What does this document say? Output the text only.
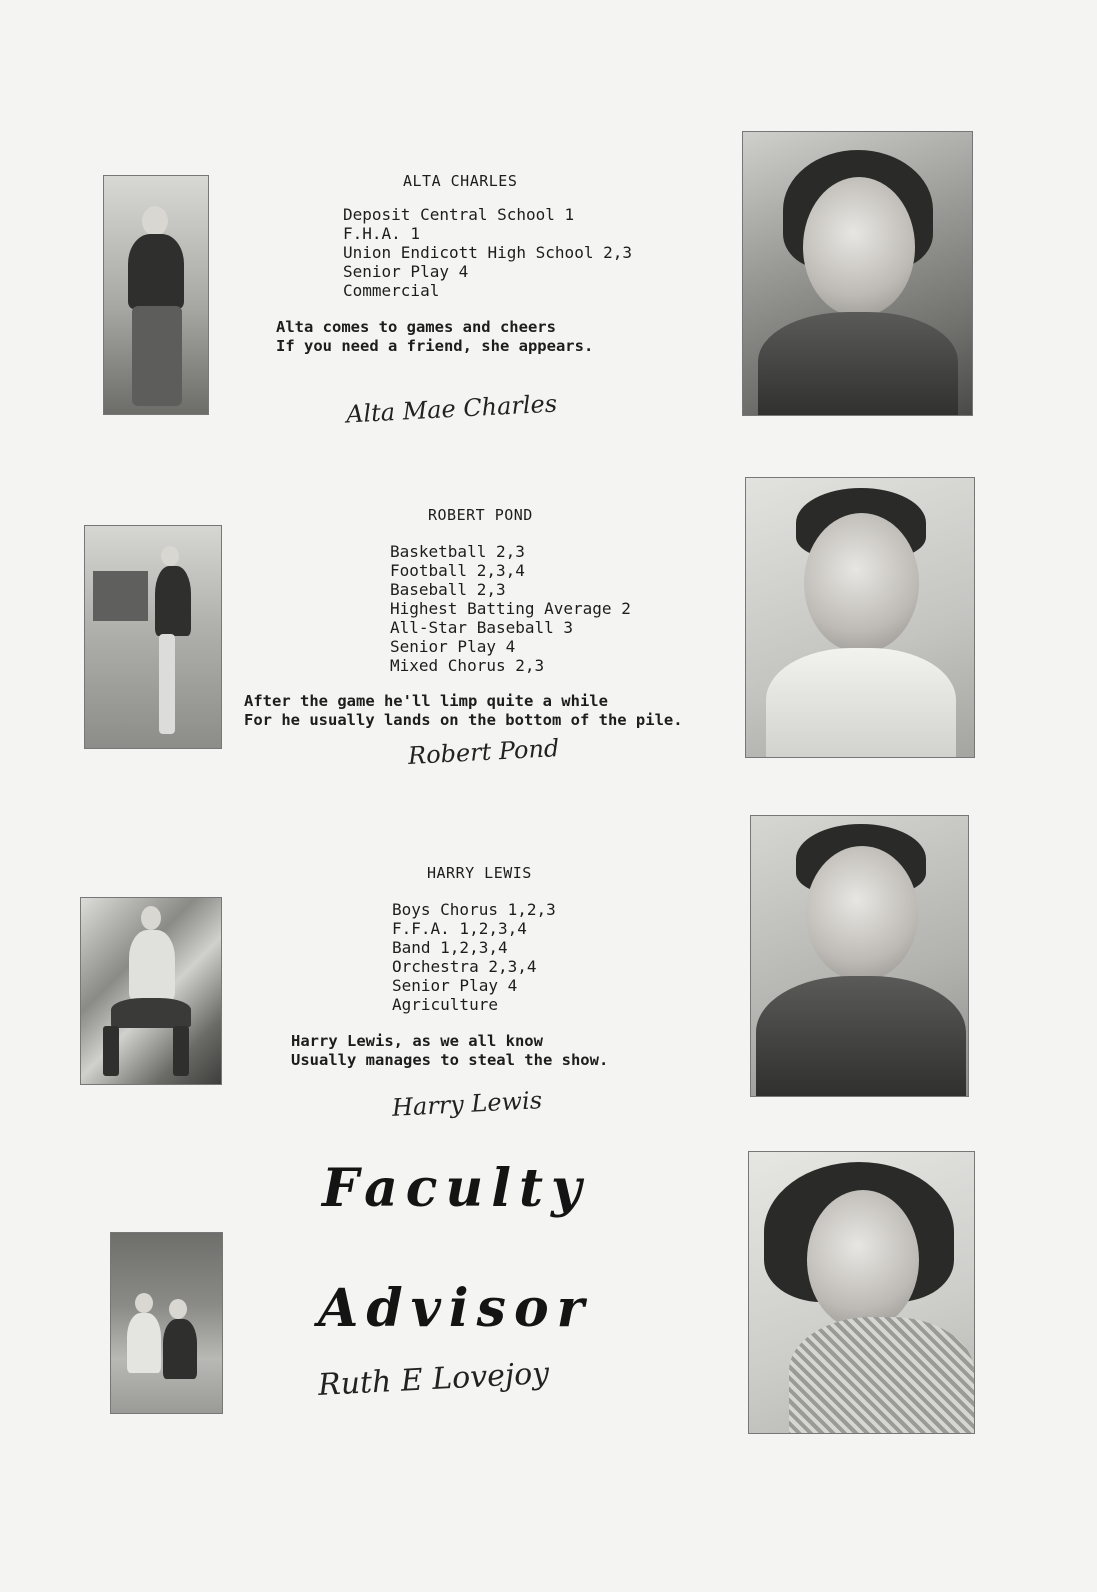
ALTA CHARLES
Deposit Central School 1
F.H.A. 1
Union Endicott High School 2,3
Senior Play 4
Commercial

Alta comes to games and cheers
If you need a friend, she appears.

Alta Mae Charles
ROBERT POND
Basketball 2,3
Football 2,3,4
Baseball 2,3
Highest Batting Average 2
All-Star Baseball 3
Senior Play 4
Mixed Chorus 2,3

After the game he'll limp quite a while
For he usually lands on the bottom of the pile.

Robert Pond
HARRY LEWIS
Boys Chorus 1,2,3
F.F.A. 1,2,3,4
Band 1,2,3,4
Orchestra 2,3,4
Senior Play 4
Agriculture

Harry Lewis, as we all know
Usually manages to steal the show.

Harry Lewis
Faculty
Advisor
Ruth E Lovejoy
